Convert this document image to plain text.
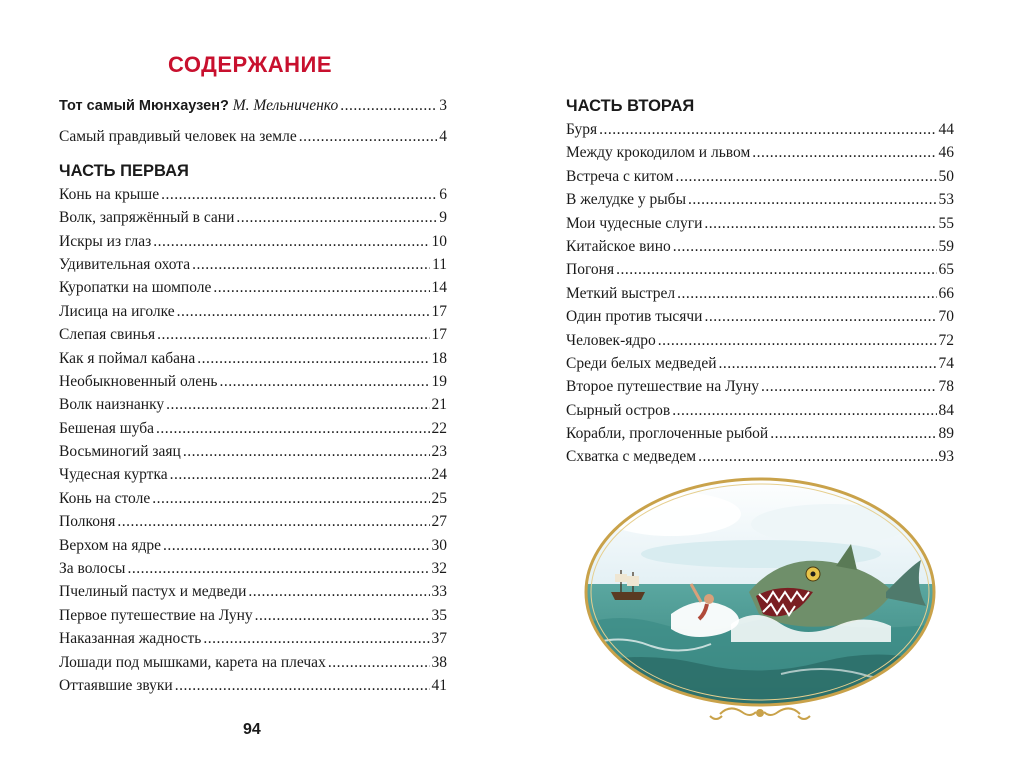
СОДЕРЖАНИЕ
Тот самый Мюнхаузен? М. Мельниченко .....	3
Самый правдивый человек на земле .....	4
ЧАСТЬ ПЕРВАЯ
Конь на крыше .....	6
Волк, запряжённый в сани .....	9
Искры из глаз .....	10
Удивительная охота .....	11
Куропатки на шомполе .....	14
Лисица на иголке .....	17
Слепая свинья .....	17
Как я поймал кабана .....	18
Необыкновенный олень .....	19
Волк наизнанку .....	21
Бешеная шуба .....	22
Восьминогий заяц .....	23
Чудесная куртка .....	24
Конь на столе .....	25
Полконя .....	27
Верхом на ядре .....	30
За волосы .....	32
Пчелиный пастух и медведи .....	33
Первое путешествие на Луну .....	35
Наказанная жадность .....	37
Лошади под мышками, карета на плечах .....	38
Оттаявшие звуки .....	41
ЧАСТЬ ВТОРАЯ
Буря .....	44
Между крокодилом и львом .....	46
Встреча с китом .....	50
В желудке у рыбы .....	53
Мои чудесные слуги .....	55
Китайское вино .....	59
Погоня .....	65
Меткий выстрел .....	66
Один против тысячи .....	70
Человек-ядро .....	72
Среди белых медведей .....	74
Второе путешествие на Луну .....	78
Сырный остров .....	84
Корабли, проглоченные рыбой .....	89
Схватка с медведем .....	93
94
